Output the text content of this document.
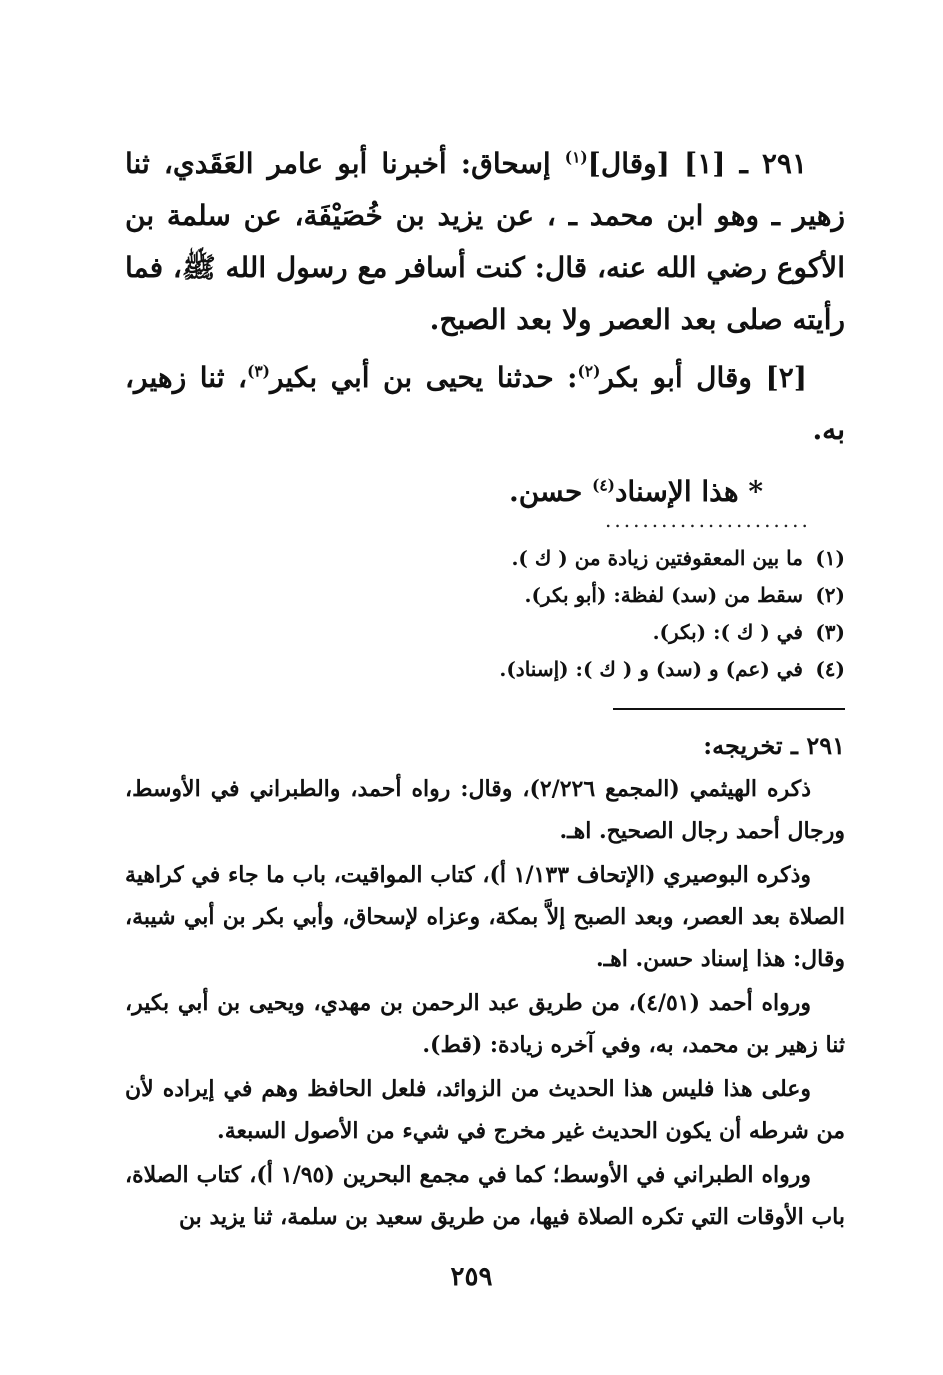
٢٩١ ـ [١] [وقال]$^{(١)}$ إسحاق: أخبرنا أبو عامر العَقَدي، ثنا زهير ـ وهو ابن محمد ـ ، عن يزيد بن خُصَيْفَة، عن سلمة بن الأكوع رضي الله عنه، قال: كنت أسافر مع رسول الله ﷺ، فما رأيته صلى بعد العصر ولا بعد الصبح.

[٢] وقال أبو بكر$^{(٢)}$: حدثنا يحيى بن أبي بكير$^{(٣)}$، ثنا زهير، به.

* هذا الإسناد$^{(٤)}$ حسن.

......................
(١)ما بين المعقوفتين زيادة من ( ك ).
(٢)سقط من (سد) لفظة: (أبو بكر).
(٣)في ( ك ): (بكر).
(٤)في (عم) و (سد) و ( ك ): (إسناد).

٢٩١ ـ تخريجه:

ذكره الهيثمي (المجمع ٢/٢٢٦)، وقال: رواه أحمد، والطبراني في الأوسط، ورجال أحمد رجال الصحيح. اهـ.

وذكره البوصيري (الإتحاف ١/١٣٣ أ)، كتاب المواقيت، باب ما جاء في كراهية الصلاة بعد العصر، وبعد الصبح إلاَّ بمكة، وعزاه لإسحاق، وأبي بكر بن أبي شيبة، وقال: هذا إسناد حسن. اهـ.

ورواه أحمد (٤/٥١)، من طريق عبد الرحمن بن مهدي، ويحيى بن أبي بكير، ثنا زهير بن محمد، به، وفي آخره زيادة: (قط).

وعلى هذا فليس هذا الحديث من الزوائد، فلعل الحافظ وهم في إيراده لأن من شرطه أن يكون الحديث غير مخرج في شيء من الأصول السبعة.

ورواه الطبراني في الأوسط؛ كما في مجمع البحرين (١/٩٥ أ)، كتاب الصلاة، باب الأوقات التي تكره الصلاة فيها، من طريق سعيد بن سلمة، ثنا يزيد بن

٢٥٩
